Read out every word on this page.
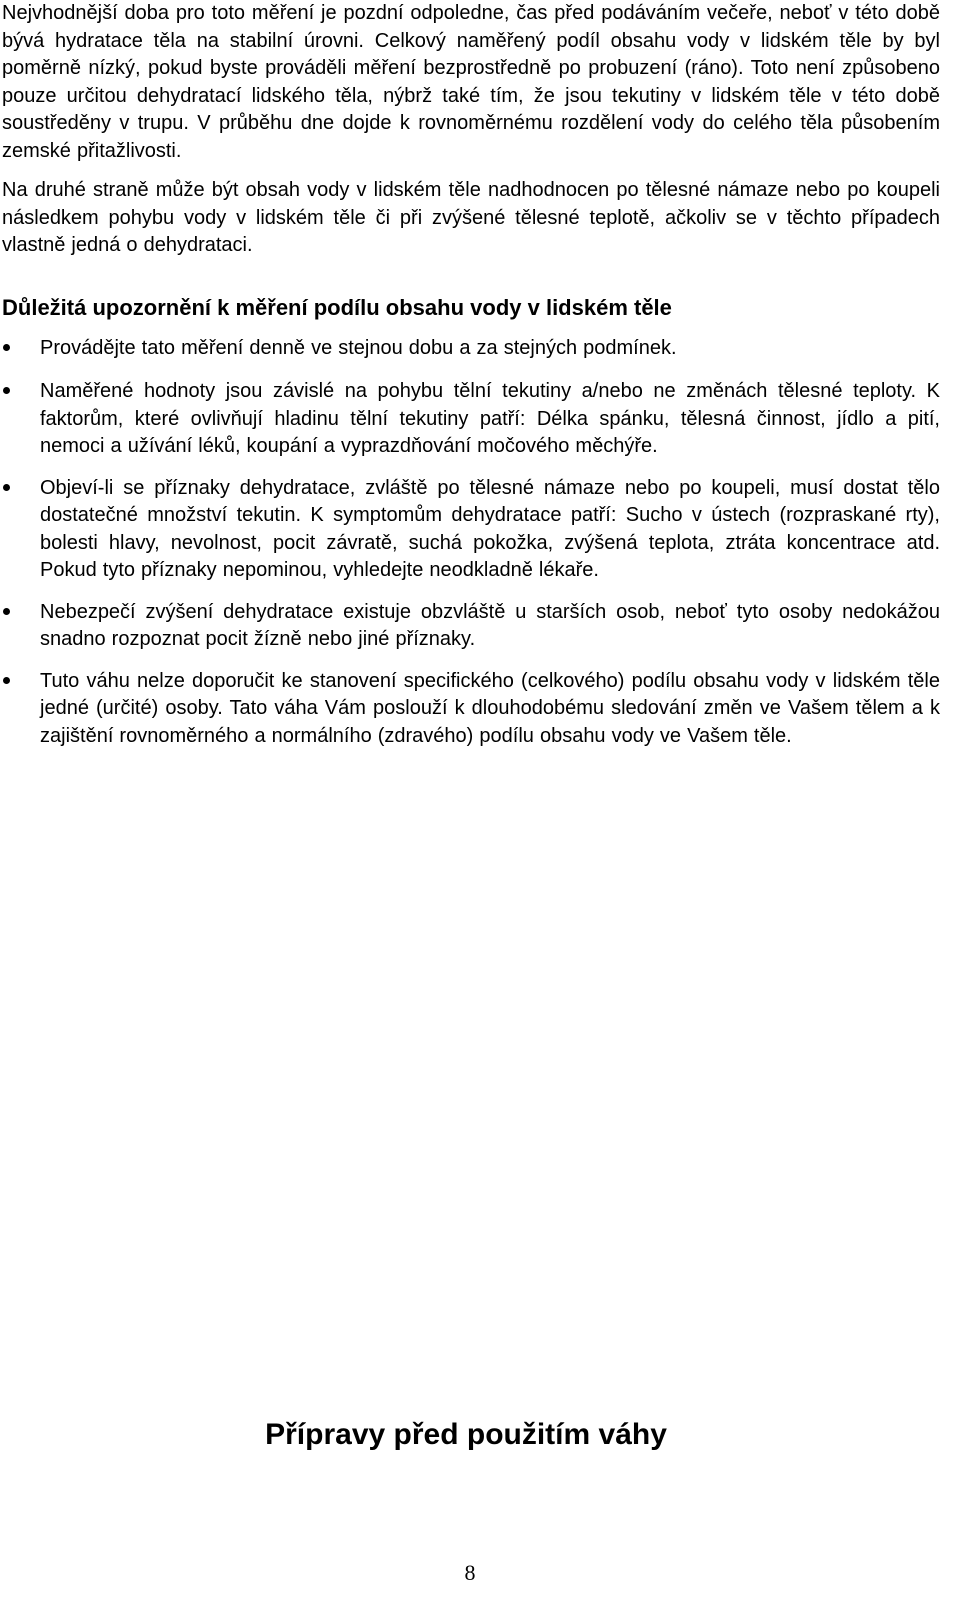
Nejvhodnější doba pro toto měření je pozdní odpoledne, čas před podáváním večeře, neboť v této době bývá hydratace těla na stabilní úrovni. Celkový naměřený podíl obsahu vody v lidském těle by byl poměrně nízký, pokud byste prováděli měření bezprostředně po probuzení (ráno). Toto není způsobeno pouze určitou dehydratací lidského těla, nýbrž také tím, že jsou tekutiny v lidském těle v této době soustředěny v trupu. V průběhu dne dojde k rovnoměrnému rozdělení vody do celého těla působením zemské přitažlivosti.

Na druhé straně může být obsah vody v lidském těle nadhodnocen po tělesné námaze nebo po koupeli následkem pohybu vody v lidském těle či při zvýšené tělesné teplotě, ačkoliv se v těchto případech vlastně jedná o dehydrataci.

Důležitá upozornění k měření podílu obsahu vody v lidském těle

Provádějte tato měření denně ve stejnou dobu a za stejných podmínek.

Naměřené hodnoty jsou závislé na pohybu tělní tekutiny a/nebo ne změnách tělesné teploty. K faktorům, které ovlivňují hladinu tělní tekutiny patří: Délka spánku, tělesná činnost, jídlo a pití, nemoci a užívání léků, koupání a vyprazdňování močového měchýře.

Objeví-li se příznaky dehydratace, zvláště po tělesné námaze nebo po koupeli, musí dostat tělo dostatečné množství tekutin. K symptomům dehydratace patří: Sucho v ústech (rozpraskané rty), bolesti hlavy, nevolnost, pocit závratě, suchá pokožka, zvýšená teplota, ztráta koncentrace atd. Pokud tyto příznaky nepominou, vyhledejte neodkladně lékaře.

Nebezpečí zvýšení dehydratace existuje obzvláště u starších osob, neboť tyto osoby nedokážou snadno rozpoznat pocit žízně nebo jiné příznaky.

Tuto váhu nelze doporučit ke stanovení specifického (celkového) podílu obsahu vody v lidském těle jedné (určité) osoby. Tato váha Vám poslouží k dlouhodobému sledování změn ve Vašem tělem a k zajištění rovnoměrného a normálního (zdravého) podílu obsahu vody ve Vašem těle.

Přípravy před použitím váhy
8
